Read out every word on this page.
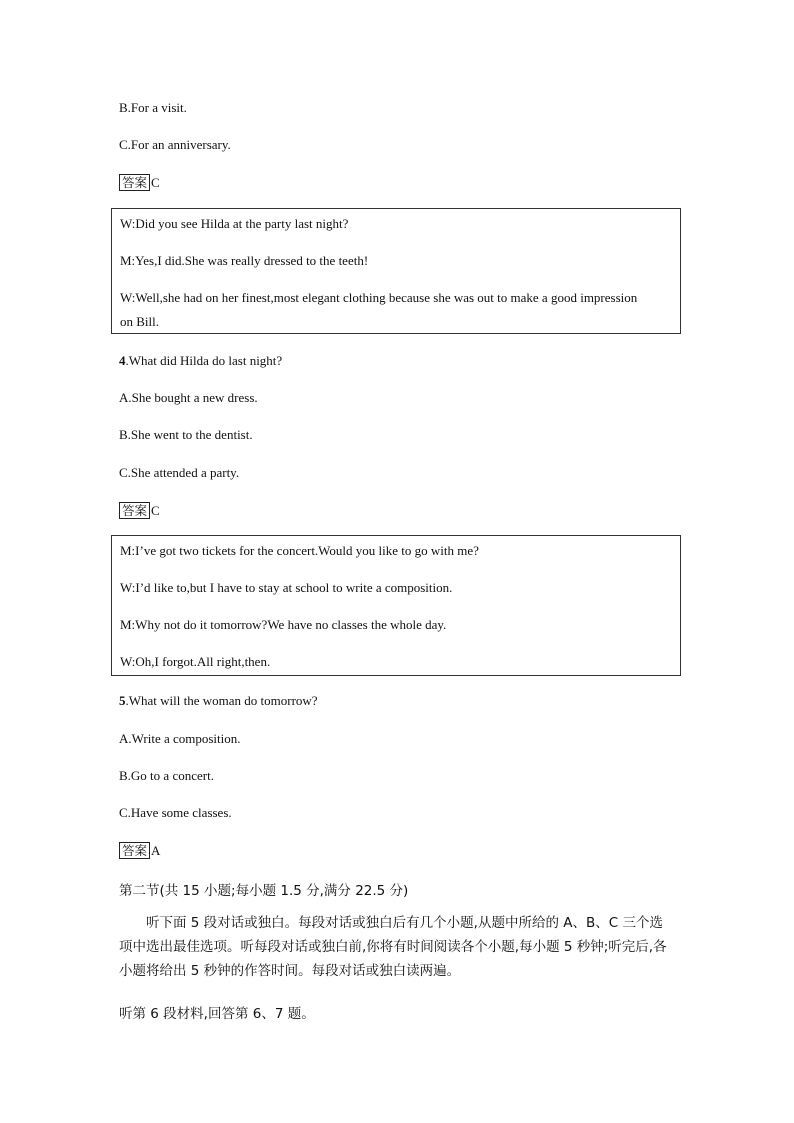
B.For a visit.
C.For an anniversary.
答案 C
W:Did you see Hilda at the party last night?
M:Yes,I did.She was really dressed to the teeth!
W:Well,she had on her finest,most elegant clothing because she was out to make a good impression on Bill.
4.What did Hilda do last night?
A.She bought a new dress.
B.She went to the dentist.
C.She attended a party.
答案 C
M:I’ve got two tickets for the concert.Would you like to go with me?
W:I’d like to,but I have to stay at school to write a composition.
M:Why not do it tomorrow?We have no classes the whole day.
W:Oh,I forgot.All right,then.
5.What will the woman do tomorrow?
A.Write a composition.
B.Go to a concert.
C.Have some classes.
答案 A
第二节(共 15 小题;每小题 1.5 分,满分 22.5 分)
听下面 5 段对话或独白。每段对话或独白后有几个小题,从题中所给的 A、B、C 三个选项中选出最佳选项。听每段对话或独白前,你将有时间阅读各个小题,每小题 5 秒钟;听完后,各小题将给出 5 秒钟的作答时间。每段对话或独白读两遍。
听第 6 段材料,回答第 6、7 题。
